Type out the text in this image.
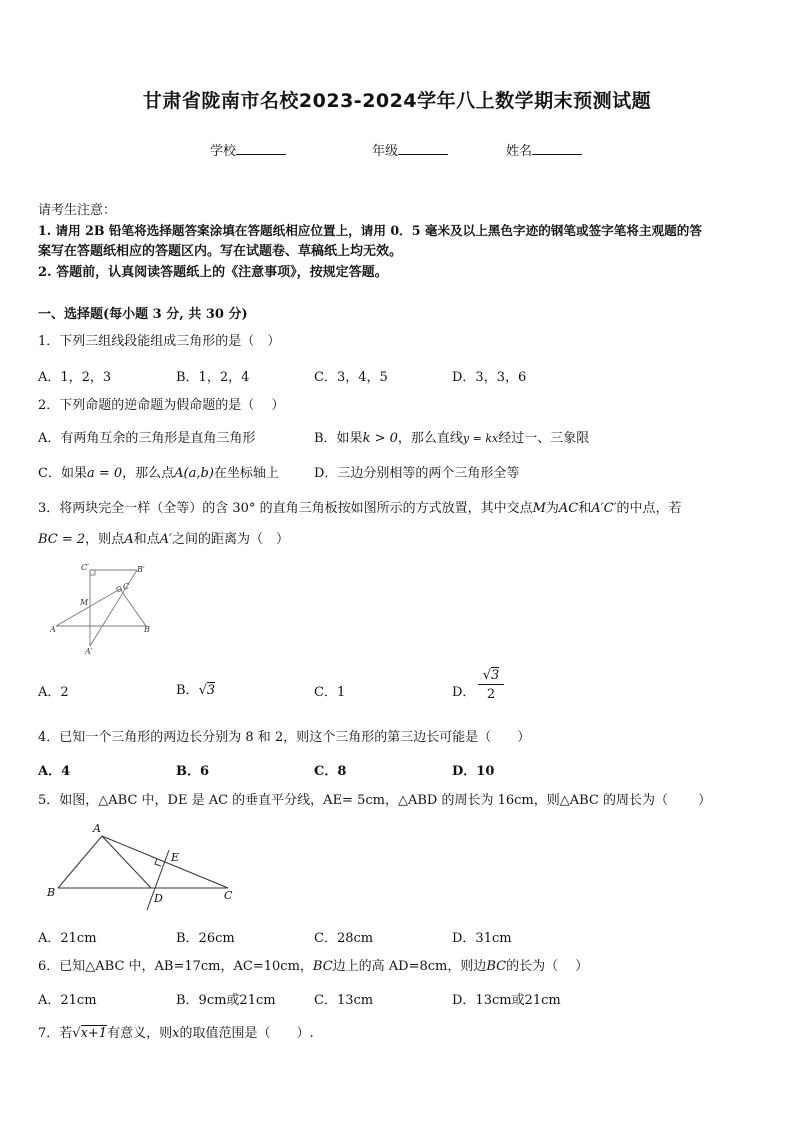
甘肃省陇南市名校2023-2024学年八上数学期末预测试题
学校	年级	姓名
请考生注意：
1. 请用 2B 铅笔将选择题答案涂填在答题纸相应位置上，请用 0．5 毫米及以上黑色字迹的钢笔或签字笔将主观题的答
案写在答题纸相应的答题区内。写在试题卷、草稿纸上均无效。
2. 答题前，认真阅读答题纸上的《注意事项》，按规定答题。
一、选择题(每小题 3 分, 共 30 分)
1．下列三组线段能组成三角形的是（　）
A．1，2，3	B．1，2，4	C．3，4，5	D．3，3，6
2．下列命题的逆命题为假命题的是（　 ）
A．有两角互余的三角形是直角三角形	B．如果k > 0，那么直线y = kx经过一、三象限
C．如果a = 0，那么点A(a,b)在坐标轴上	D．三边分别相等的两个三角形全等
3．将两块完全一样（全等）的含 30° 的直角三角板按如图所示的方式放置，其中交点M为AC和A′C′的中点，若
BC = 2，则点A和点A′之间的距离为（　）
C′	B′
C
M
A	B
A′
A．2	B．√3	C．1	D． $\frac{√3}{2}$
4．已知一个三角形的两边长分别为 8 和 2，则这个三角形的第三边长可能是（　　）
A．4	B．6	C．8	D．10
5．如图，△ABC 中，DE 是 AC 的垂直平分线，AE= 5cm，△ABD 的周长为 16cm，则△ABC 的周长为（　　 ）
A
B	C
D
E
A．21cm	B．26cm	C．28cm	D．31cm
6．已知△ABC 中，AB=17cm，AC=10cm，BC边上的高 AD=8cm，则边BC的长为（　 ）
A．21cm	B．9cm或21cm	C．13cm	D．13cm或21cm
7．若√x+1有意义，则x的取值范围是（　　）.
